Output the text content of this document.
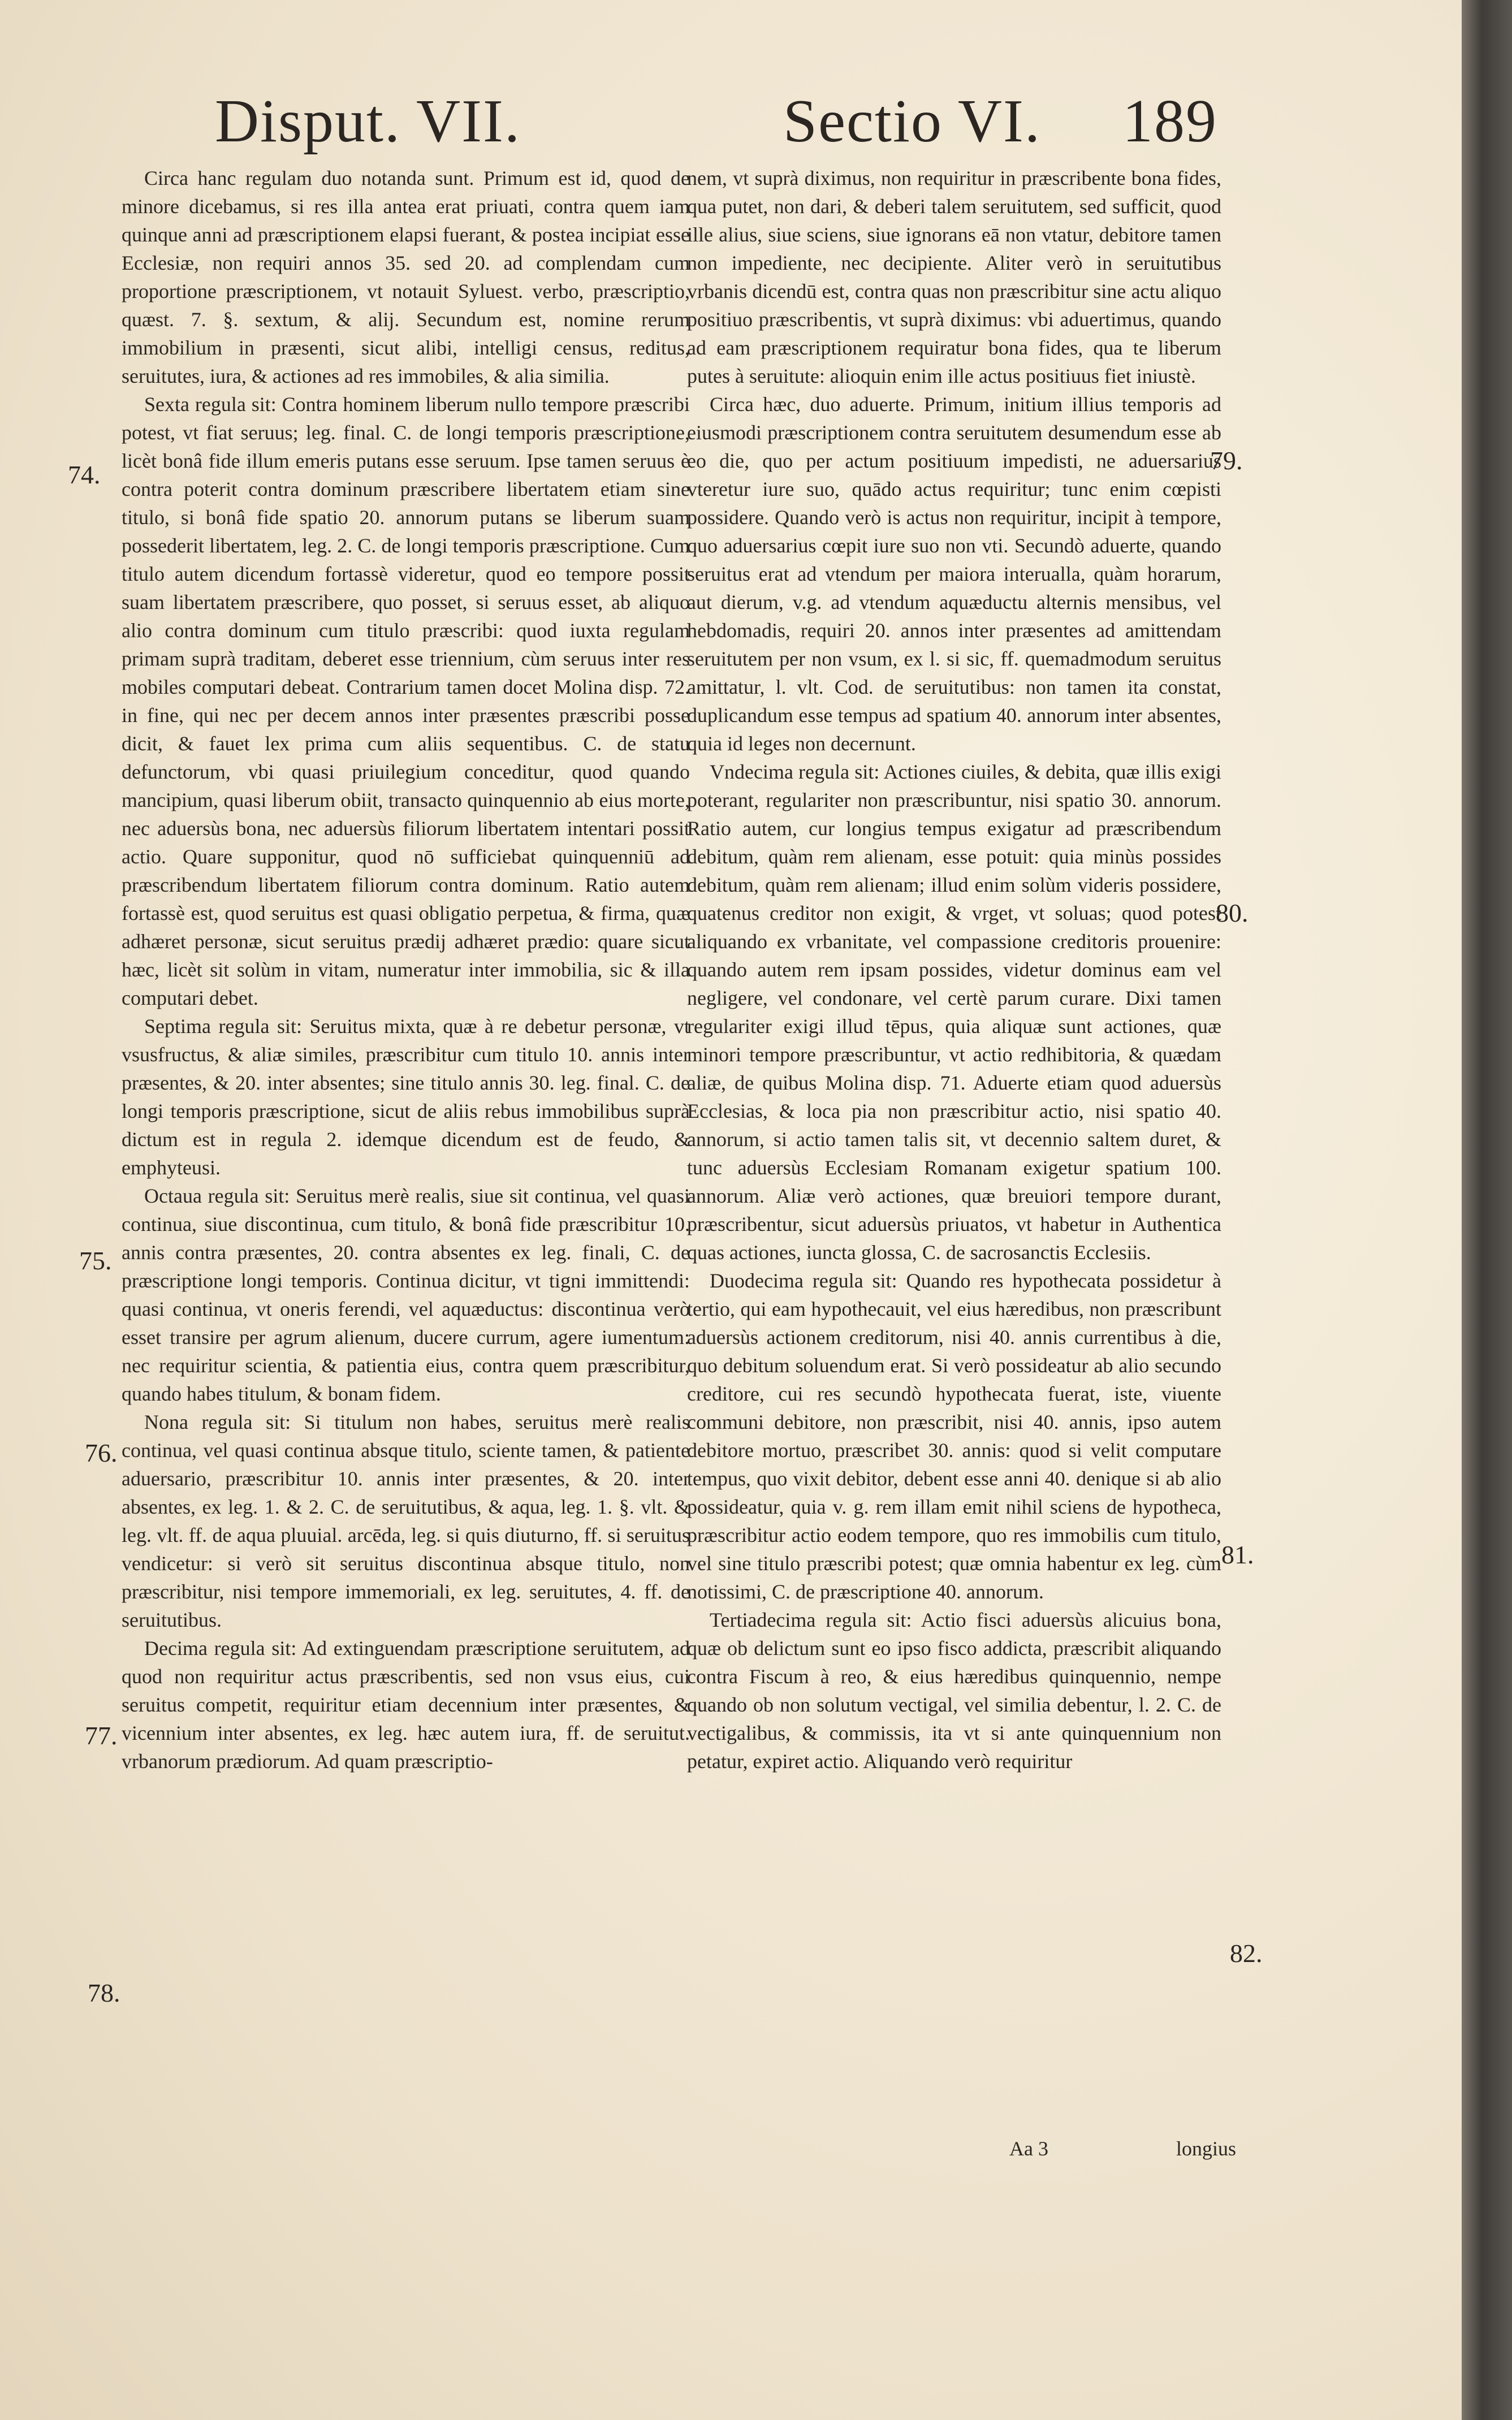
Disput. VII.	Sectio VI. 189

Circa hanc regulam duo notanda sunt. Primum est id, quod de minore dicebamus, si res illa antea erat priuati, contra quem iam quinque anni ad præscriptionem elapsi fuerant, & postea incipiat esse Ecclesiæ, non requiri annos 35. sed 20. ad complendam cum proportione præscriptionem, vt notauit Syluest. verbo, præscriptio, quæst. 7. §. sextum, & alij. Secundum est, nomine rerum immobilium in præsenti, sicut alibi, intelligi census, reditus, seruitutes, iura, & actiones ad res immobiles, & alia similia.

Sexta regula sit: Contra hominem liberum nullo tempore præscribi potest, vt fiat seruus; leg. final. C. de longi temporis præscriptione, licèt bonâ fide illum emeris putans esse seruum. Ipse tamen seruus è contra poterit contra dominum præscribere libertatem etiam sine titulo, si bonâ fide spatio 20. annorum putans se liberum suam possederit libertatem, leg. 2. C. de longi temporis præscriptione. Cum titulo autem dicendum fortassè videretur, quod eo tempore possit suam libertatem præscribere, quo posset, si seruus esset, ab aliquo alio contra dominum cum titulo præscribi: quod iuxta regulam primam suprà traditam, deberet esse triennium, cùm seruus inter res mobiles computari debeat. Contrarium tamen docet Molina disp. 72. in fine, qui nec per decem annos inter præsentes præscribi posse dicit, & fauet lex prima cum aliis sequentibus. C. de statu defunctorum, vbi quasi priuilegium conceditur, quod quando mancipium, quasi liberum obiit, transacto quinquennio ab eius morte, nec aduersùs bona, nec aduersùs filiorum libertatem intentari possit actio. Quare supponitur, quod nō sufficiebat quinquenniū ad præscribendum libertatem filiorum contra dominum. Ratio autem fortassè est, quod seruitus est quasi obligatio perpetua, & firma, quæ adhæret personæ, sicut seruitus prædij adhæret prædio: quare sicut hæc, licèt sit solùm in vitam, numeratur inter immobilia, sic & illa computari debet.

Septima regula sit: Seruitus mixta, quæ à re debetur personæ, vt vsusfructus, & aliæ similes, præscribitur cum titulo 10. annis inter præsentes, & 20. inter absentes; sine titulo annis 30. leg. final. C. de longi temporis præscriptione, sicut de aliis rebus immobilibus suprà dictum est in regula 2. idemque dicendum est de feudo, & emphyteusi.

Octaua regula sit: Seruitus merè realis, siue sit continua, vel quasi continua, siue discontinua, cum titulo, & bonâ fide præscribitur 10. annis contra præsentes, 20. contra absentes ex leg. finali, C. de præscriptione longi temporis. Continua dicitur, vt tigni immittendi: quasi continua, vt oneris ferendi, vel aquæductus: discontinua verò esset transire per agrum alienum, ducere currum, agere iumentum: nec requiritur scientia, & patientia eius, contra quem præscribitur, quando habes titulum, & bonam fidem.

Nona regula sit: Si titulum non habes, seruitus merè realis continua, vel quasi continua absque titulo, sciente tamen, & patiente aduersario, præscribitur 10. annis inter præsentes, & 20. inter absentes, ex leg. 1. & 2. C. de seruitutibus, & aqua, leg. 1. §. vlt. & leg. vlt. ff. de aqua pluuial. arcēda, leg. si quis diuturno, ff. si seruitus vendicetur: si verò sit seruitus discontinua absque titulo, non præscribitur, nisi tempore immemoriali, ex leg. seruitutes, 4. ff. de seruitutibus.

Decima regula sit: Ad extinguendam præscriptione seruitutem, ad quod non requiritur actus præscribentis, sed non vsus eius, cui seruitus competit, requiritur etiam decennium inter præsentes, & vicennium inter absentes, ex leg. hæc autem iura, ff. de seruitut. vrbanorum prædiorum. Ad quam præscriptio-

nem, vt suprà diximus, non requiritur in præscribente bona fides, qua putet, non dari, & deberi talem seruitutem, sed sufficit, quod ille alius, siue sciens, siue ignorans eā non vtatur, debitore tamen non impediente, nec decipiente. Aliter verò in seruitutibus vrbanis dicendū est, contra quas non præscribitur sine actu aliquo positiuo præscribentis, vt suprà diximus: vbi aduertimus, quando ad eam præscriptionem requiratur bona fides, qua te liberum putes à seruitute: alioquin enim ille actus positiuus fiet iniustè.

Circa hæc, duo aduerte. Primum, initium illius temporis ad eiusmodi præscriptionem contra seruitutem desumendum esse ab eo die, quo per actum positiuum impedisti, ne aduersarius vteretur iure suo, quādo actus requiritur; tunc enim cœpisti possidere. Quando verò is actus non requiritur, incipit à tempore, quo aduersarius cœpit iure suo non vti. Secundò aduerte, quando seruitus erat ad vtendum per maiora interualla, quàm horarum, aut dierum, v.g. ad vtendum aquæductu alternis mensibus, vel hebdomadis, requiri 20. annos inter præsentes ad amittendam seruitutem per non vsum, ex l. si sic, ff. quemadmodum seruitus amittatur, l. vlt. Cod. de seruitutibus: non tamen ita constat, duplicandum esse tempus ad spatium 40. annorum inter absentes, quia id leges non decernunt.

Vndecima regula sit: Actiones ciuiles, & debita, quæ illis exigi poterant, regulariter non præscribuntur, nisi spatio 30. annorum. Ratio autem, cur longius tempus exigatur ad præscribendum debitum, quàm rem alienam, esse potuit: quia minùs possides debitum, quàm rem alienam; illud enim solùm videris possidere, quatenus creditor non exigit, & vrget, vt soluas; quod potest aliquando ex vrbanitate, vel compassione creditoris prouenire: quando autem rem ipsam possides, videtur dominus eam vel negligere, vel condonare, vel certè parum curare. Dixi tamen regulariter exigi illud tēpus, quia aliquæ sunt actiones, quæ minori tempore præscribuntur, vt actio redhibitoria, & quædam aliæ, de quibus Molina disp. 71. Aduerte etiam quod aduersùs Ecclesias, & loca pia non præscribitur actio, nisi spatio 40. annorum, si actio tamen talis sit, vt decennio saltem duret, & tunc aduersùs Ecclesiam Romanam exigetur spatium 100. annorum. Aliæ verò actiones, quæ breuiori tempore durant, præscribentur, sicut aduersùs priuatos, vt habetur in Authentica quas actiones, iuncta glossa, C. de sacrosanctis Ecclesiis.

Duodecima regula sit: Quando res hypothecata possidetur à tertio, qui eam hypothecauit, vel eius hæredibus, non præscribunt aduersùs actionem creditorum, nisi 40. annis currentibus à die, quo debitum soluendum erat. Si verò possideatur ab alio secundo creditore, cui res secundò hypothecata fuerat, iste, viuente communi debitore, non præscribit, nisi 40. annis, ipso autem debitore mortuo, præscribet 30. annis: quod si velit computare tempus, quo vixit debitor, debent esse anni 40. denique si ab alio possideatur, quia v. g. rem illam emit nihil sciens de hypotheca, præscribitur actio eodem tempore, quo res immobilis cum titulo, vel sine titulo præscribi potest; quæ omnia habentur ex leg. cùm notissimi, C. de præscriptione 40. annorum.

Tertiadecima regula sit: Actio fisci aduersùs alicuius bona, quæ ob delictum sunt eo ipso fisco addicta, præscribit aliquando contra Fiscum à reo, & eius hæredibus quinquennio, nempe quando ob non solutum vectigal, vel similia debentur, l. 2. C. de vectigalibus, & commissis, ita vt si ante quinquennium non petatur, expiret actio. Aliquando verò requiritur

74.
75.
76.
77.
78.
79.
80.
81.
82.
Aa 3	longius
